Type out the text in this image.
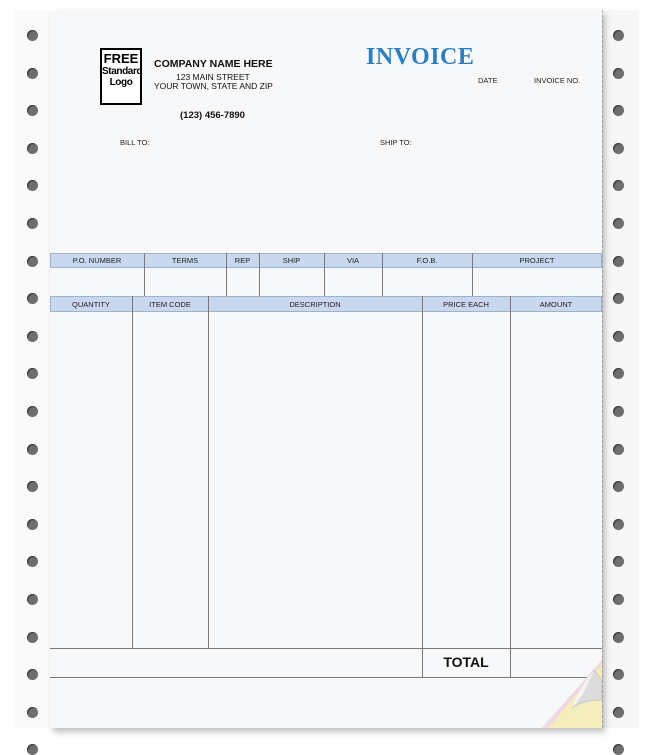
FREE
Standard
Logo
COMPANY NAME HERE
123 MAIN STREET
YOUR TOWN, STATE AND ZIP
(123) 456-7890
INVOICE
DATE	INVOICE NO.
BILL TO:	SHIP TO:
P.O. NUMBER	TERMS	REP	SHIP	VIA	F.O.B.	PROJECT
QUANTITY	ITEM CODE	DESCRIPTION	PRICE EACH	AMOUNT
TOTAL
